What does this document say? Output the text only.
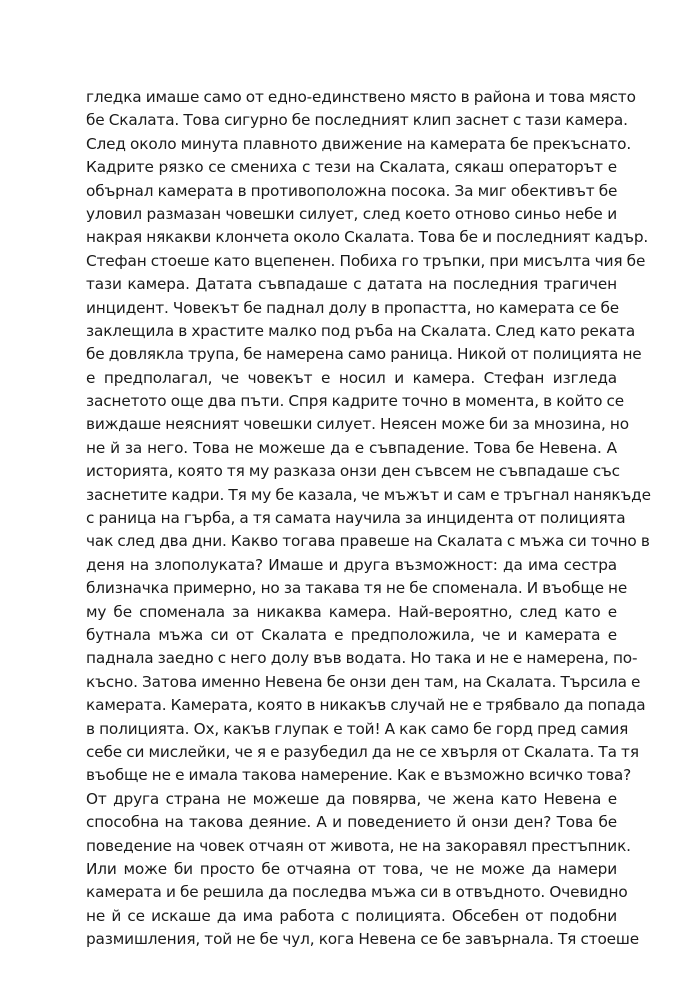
гледка имаше само от едно-единствено място в района и това място
бе Скалата. Това сигурно бе последният клип заснет с тази камера.
След около минута плавното движение на камерата бе прекъснато.
Кадрите рязко се смениха с тези на Скалата, сякаш операторът е
обърнал камерата в противоположна посока. За миг обективът бе
уловил размазан човешки силует, след което отново синьо небе и
накрая някакви клончета около Скалата. Това бе и последният кадър.
Стефан стоеше като вцепенен. Побиха го тръпки, при мисълта чия бе
тази камера. Датата съвпадаше с датата на последния трагичен
инцидент. Човекът бе паднал долу в пропастта, но камерата се бе
заклещила в храстите малко под ръба на Скалата. След като реката
бе довлякла трупа, бе намерена само раница. Никой от полицията не
е предполагал, че човекът е носил и камера. Стефан изгледа
заснетото още два пъти. Спря кадрите точно в момента, в който се
виждаше неясният човешки силует. Неясен може би за мнозина, но
не й за него. Това не можеше да е съвпадение. Това бе Невена. А
историята, която тя му разказа онзи ден съвсем не съвпадаше със
заснетите кадри. Тя му бе казала, че мъжът и сам е тръгнал нанякъде
с раница на гърба, а тя самата научила за инцидента от полицията
чак след два дни. Какво тогава правеше на Скалата с мъжа си точно в
деня на злополуката? Имаше и друга възможност: да има сестра
близначка примерно, но за такава тя не бе споменала. И въобще не
му бе споменала за никаква камера. Най-вероятно, след като е
бутнала мъжа си от Скалата е предположила, че и камерата е
паднала заедно с него долу във водата. Но така и не е намерена, по-
късно. Затова именно Невена бе онзи ден там, на Скалата. Търсила е
камерата. Камерата, която в никакъв случай не е трябвало да попада
в полицията. Ох, какъв глупак е той! А как само бе горд пред самия
себе си мислейки, че я е разубедил да не се хвърля от Скалата. Та тя
въобще не е имала такова намерение. Как е възможно всичко това?
От друга страна не можеше да повярва, че жена като Невена е
способна на такова деяние. А и поведението й онзи ден? Това бе
поведение на човек отчаян от живота, не на закоравял престъпник.
Или може би просто бе отчаяна от това, че не може да намери
камерата и бе решила да последва мъжа си в отвъдното. Очевидно
не й се искаше да има работа с полицията. Обсебен от подобни
размишления, той не бе чул, кога Невена се бе завърнала. Тя стоеше
